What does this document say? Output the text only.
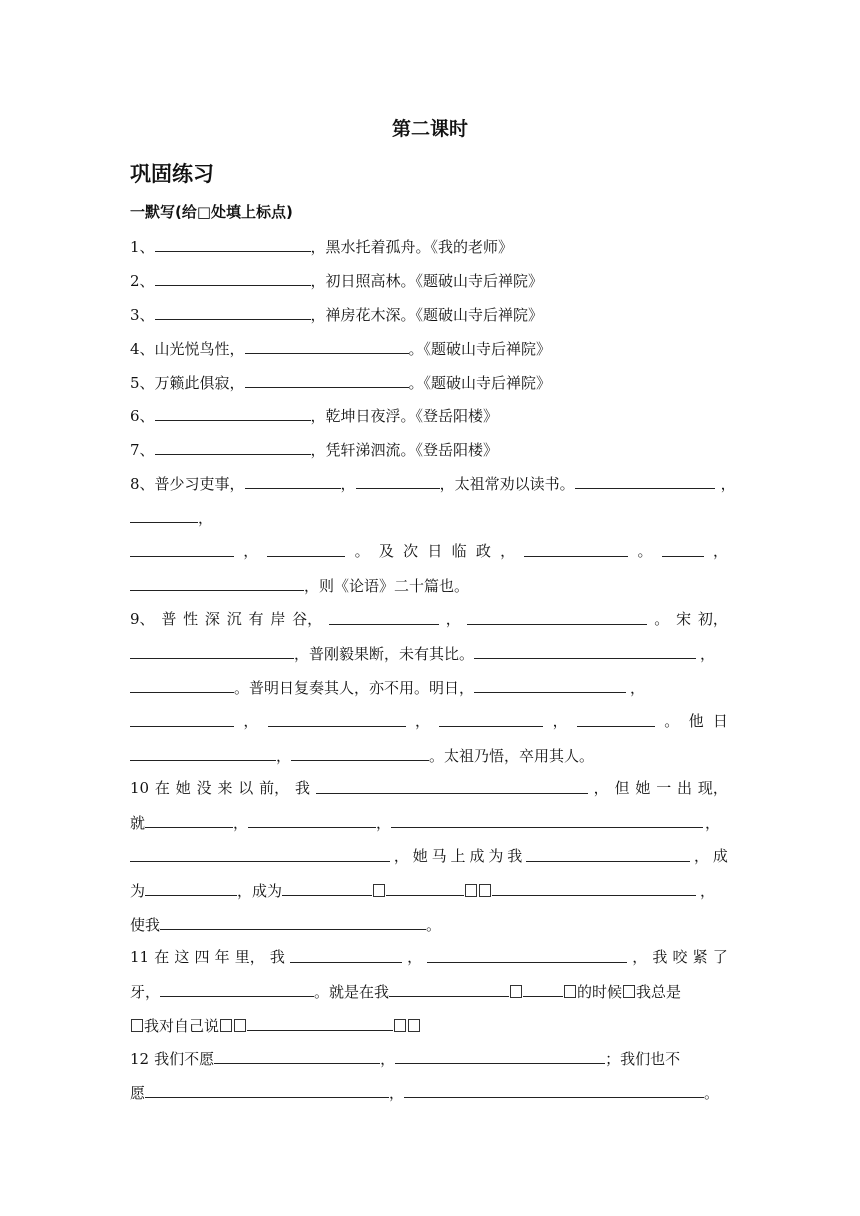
第二课时
巩固练习
一默写(给□处填上标点)
1、	，黑水托着孤舟。《我的老师》
2、	，初日照高林。《题破山寺后禅院》
3、	，禅房花木深。《题破山寺后禅院》
4、山光悦鸟性，	。《题破山寺后禅院》
5、万籁此俱寂，	。《题破山寺后禅院》
6、	，乾坤日夜浮。《登岳阳楼》
7、	，凭轩涕泗流。《登岳阳楼》
8、普少习吏事，	，	，太祖常劝以读书。	，
，
，	。 及 次 日 临 政 ，	。	，
，则《论语》二十篇也。
9、 普 性 深 沉 有 岸 谷，	，	。 宋 初，
，普刚毅果断，未有其比。	，
。普明日复奏其人，亦不用。明日，	，
，	，	，	。 他 日
，	。太祖乃悟，卒用其人。
10 在 她 没 来 以 前， 我	， 但 她 一 出 现，
就	，	，	，
， 她 马 上 成 为 我	， 成
为	，成为	，
使我	。
11 在 这 四 年 里， 我	，	， 我 咬 紧 了
牙，	。就是在我	的时候 我总是
我对自己说
12 我们不愿	，	；我们也不
愿	，	。
